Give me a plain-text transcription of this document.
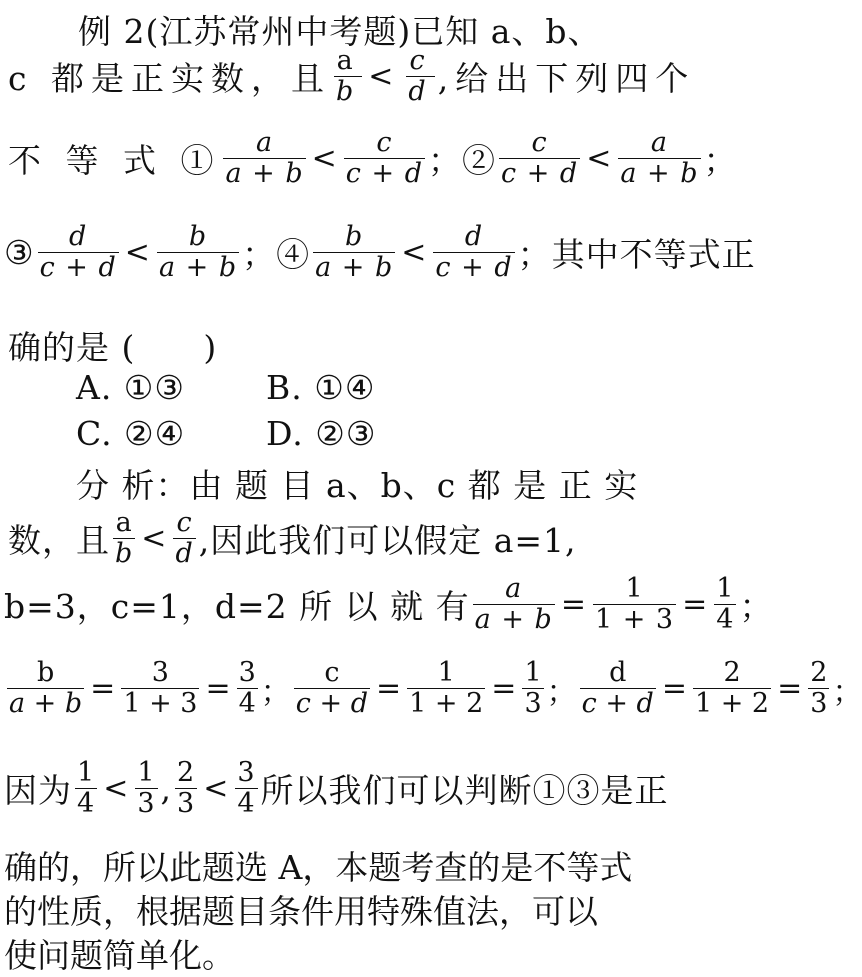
例 2(江苏常州中考题)已知 a、b、
c 都是正实数，且 $\frac{a}{b} < \frac{c}{d}$ ,给出下列四个
不 等 式 ① $\frac{a}{a + b} < \frac{c}{c + d}$ ；② $\frac{c}{c + d} < \frac{a}{a + b}$ ；
③ $\frac{d}{c + d} < \frac{b}{a + b}$ ；④ $\frac{b}{a + b} < \frac{d}{c + d}$ ；其中不等式正
确的是 (　　)
A. ①③ B. ①④
C. ②④ D. ②③
分 析：由 题 目 a、b、c 都 是 正 实
数，且 $\frac{a}{b} < \frac{c}{d}$ ,因此我们可以假定 a=1,
b=3，c=1，d=2 所 以 就 有 $\frac{a}{a + b} = \frac{1}{1 + 3} = \frac{1}{4}$ ；
$\frac{b}{a + b} = \frac{3}{1 + 3} = \frac{3}{4}$ ； $\frac{c}{c + d} = \frac{1}{1 + 2} = \frac{1}{3}$ ； $\frac{d}{c + d} = \frac{2}{1 + 2} = \frac{2}{3}$ ；
因为 $\frac{1}{4} < \frac{1}{3}$ , $\frac{2}{3} < \frac{3}{4}$ 所以我们可以判断①③是正
确的，所以此题选 A，本题考查的是不等式
的性质，根据题目条件用特殊值法，可以
使问题简单化。
